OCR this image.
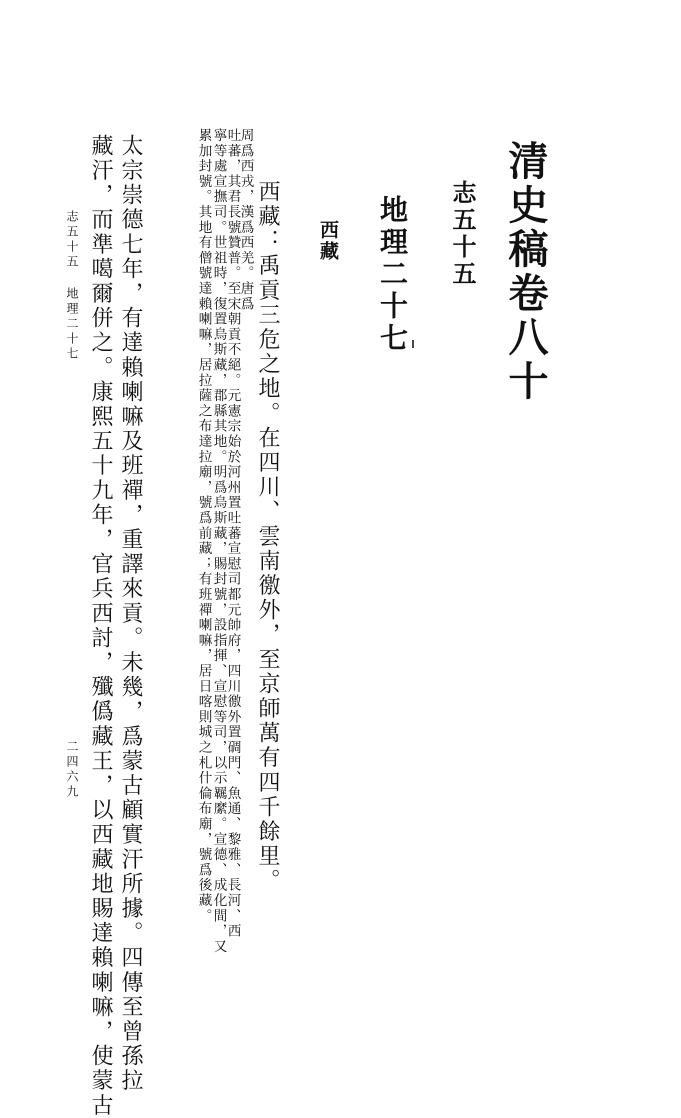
清史稿卷八十
志五十五
地理二十七
西藏
西藏：禹貢三危之地。在四川、雲南徼外，至京師萬有四千餘里。
周爲西戎，漢爲西羌。唐爲
吐蕃，其君長號贊普。至宋朝貢不絕。元憲宗始於河州置吐蕃宣慰司都元帥府，四川徼外置碉門、魚通、黎雅、長河、西
寧等處宣撫司。世祖時，復置烏斯藏，郡縣其地。明爲烏斯藏，賜封號，設指揮、宣慰等司，以示羈縻。宣德、成化間，又
累加封號。其地有僧號達賴喇嘛，居拉薩之布達拉廟，號爲前藏；有班禪喇嘛，居日喀則城之札什倫布廟，號爲後藏。
太宗崇德七年，有達賴喇嘛及班禪，重譯來貢。未幾，爲蒙古顧實汗所據。四傳至曾孫拉
藏汗，而準噶爾併之。康熙五十九年，官兵西討，殲僞藏王，以西藏地賜達賴喇嘛，使蒙古
志五十五 地理二十七
二四六九
